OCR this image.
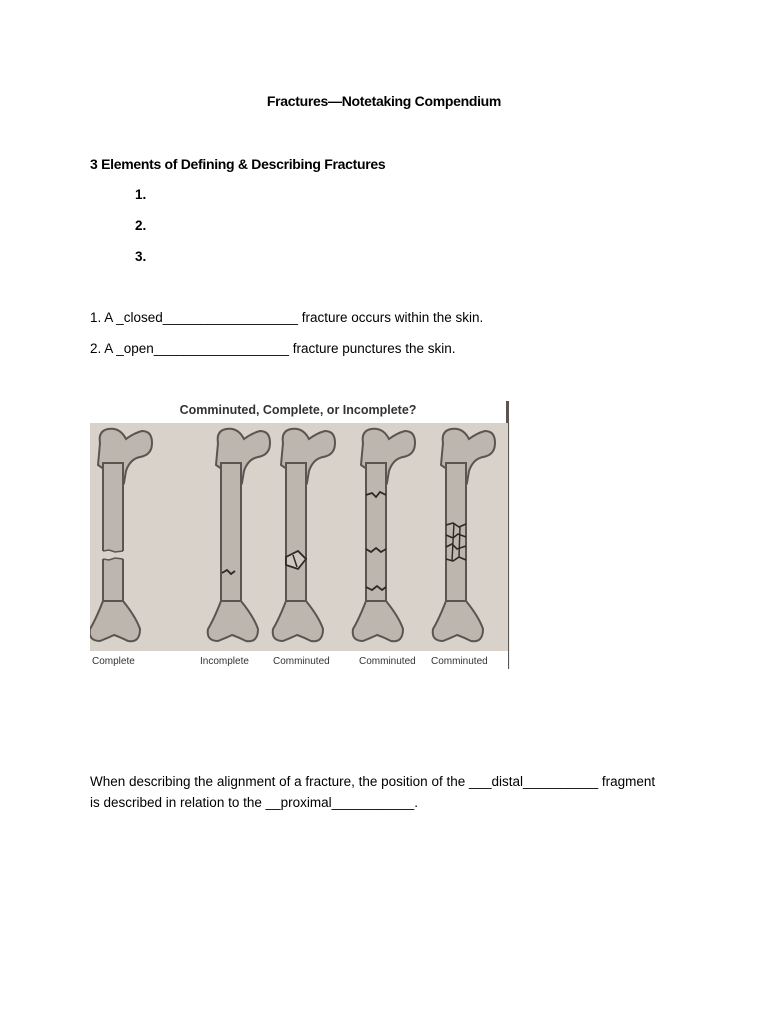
Fractures—Notetaking Compendium
3 Elements of Defining & Describing Fractures
1.
2.
3.
1. A _closed__________________ fracture occurs within the skin.
2. A _open__________________ fracture punctures the skin.
Comminuted, Complete, or Incomplete?
Complete	Incomplete Comminuted	Comminuted Comminuted
When describing the alignment of a fracture, the position of the ___distal__________ fragment
is described in relation to the __proximal___________.
